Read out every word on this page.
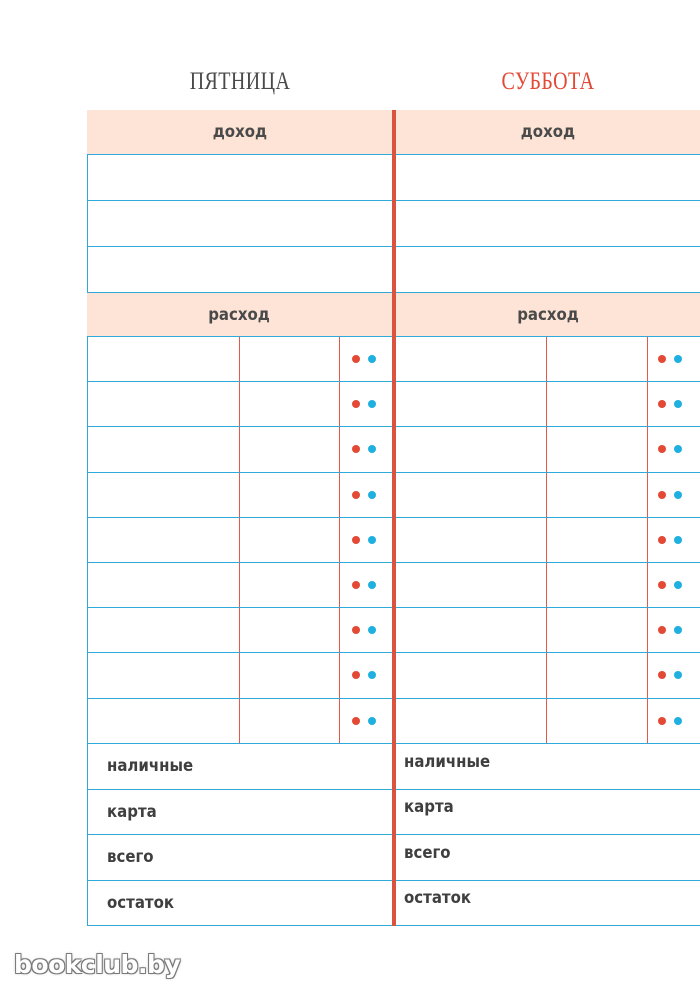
ПЯТНИЦА	СУББОТА
доход
расход
наличные
карта
всего
остаток
доход
расход
наличные
карта
всего
остаток
bookclub.by
